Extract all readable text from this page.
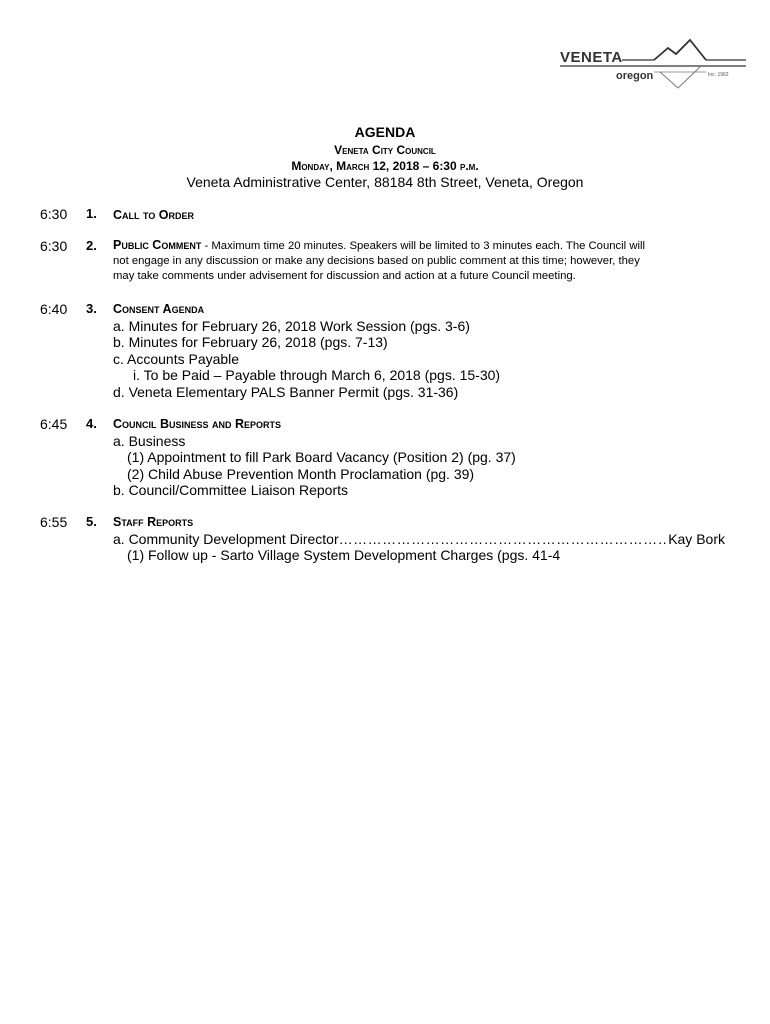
VENETA
oregon	Inc. 1962
AGENDA
Veneta City Council
Monday, March 12, 2018 – 6:30 p.m.
Veneta Administrative Center, 88184 8th Street, Veneta, Oregon
6:30 1. Call to Order
6:30 2. Public Comment - Maximum time 20 minutes. Speakers will be limited to 3 minutes each. The Council will
not engage in any discussion or make any decisions based on public comment at this time; however, they
may take comments under advisement for discussion and action at a future Council meeting.
6:40 3. Consent Agenda
a. Minutes for February 26, 2018 Work Session (pgs. 3-6)
b. Minutes for February 26, 2018 (pgs. 7-13)
c. Accounts Payable
i. To be Paid – Payable through March 6, 2018 (pgs. 15-30)
d. Veneta Elementary PALS Banner Permit (pgs. 31-36)
6:45 4. Council Business and Reports
a. Business
(1) Appointment to fill Park Board Vacancy (Position 2) (pg. 37)
(2) Child Abuse Prevention Month Proclamation (pg. 39)
b. Council/Committee Liaison Reports
6:55 5. Staff Reports
a. Community Development Director
……………………………………………………………………………………………………………………	Kay Bork
(1) Follow up - Sarto Village System Development Charges (pgs. 41-4
